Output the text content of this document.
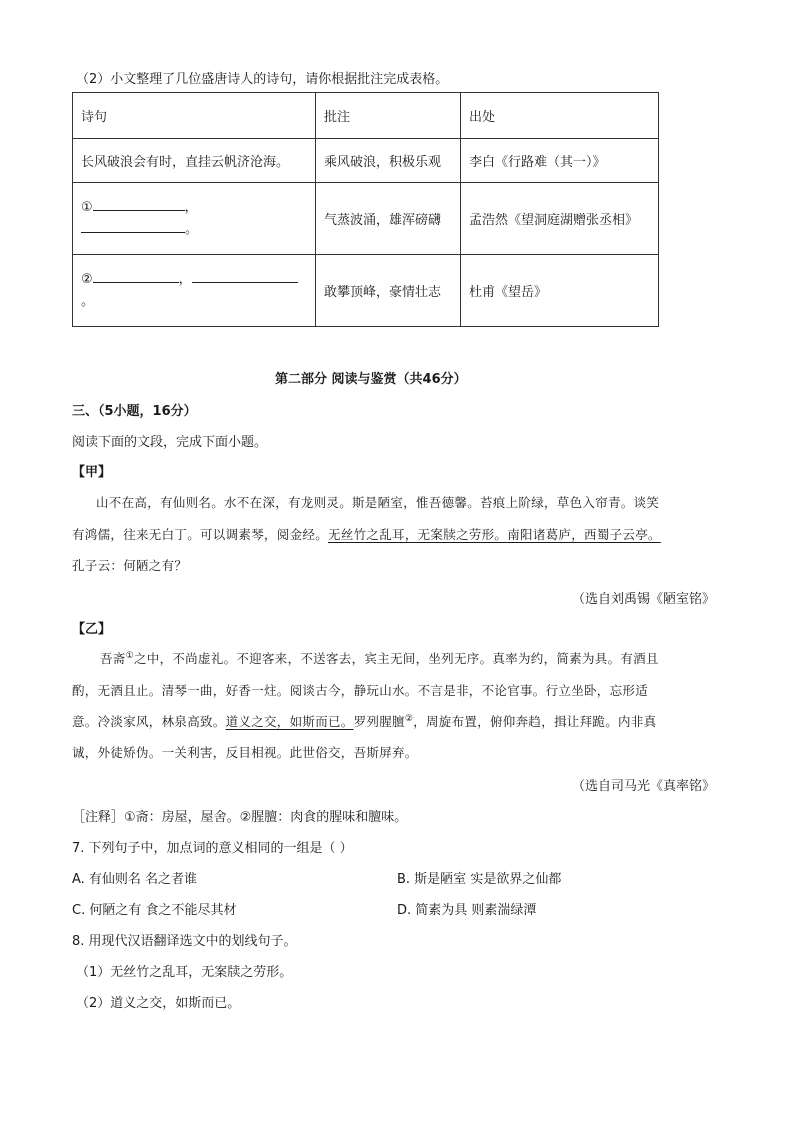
（2）小文整理了几位盛唐诗人的诗句，请你根据批注完成表格。
诗句	批注	出处
长风破浪会有时，直挂云帆济沧海。	乘风破浪，积极乐观	李白《行路难（其一）》

① ，
。	气蒸波涌，雄浑磅礴	孟浩然《望洞庭湖赠张丞相》

② ，
。	敢攀顶峰，豪情壮志	杜甫《望岳》
第二部分 阅读与鉴赏（共46分）
三、（5小题，16分）
阅读下面的文段，完成下面小题。
【甲】
山不在高，有仙则名。水不在深，有龙则灵。斯是陋室，惟吾德馨。苔痕上阶绿，草色入帘青。谈笑
有鸿儒，往来无白丁。可以调素琴，阅金经。无丝竹之乱耳，无案牍之劳形。南阳诸葛庐，西蜀子云亭。
孔子云：何陋之有？
（选自刘禹锡《陋室铭》
【乙】
吾斋①之中，不尚虚礼。不迎客来，不送客去，宾主无间，坐列无序。真率为约，简素为具。有酒且
酌，无酒且止。清琴一曲，好香一炷。阅谈古今，静玩山水。不言是非，不论官事。行立坐卧，忘形适
意。冷淡家风，林泉高致。道义之交，如斯而已。罗列腥膻②，周旋布置，俯仰奔趋，揖让拜跪。内非真
诚，外徒矫伪。一关利害，反目相视。此世俗交，吾斯屏弃。
（选自司马光《真率铭》
［注释］①斋：房屋，屋舍。②腥膻：肉食的腥味和膻味。
7. 下列句子中，加点词的意义相同的一组是（ ）
A. 有仙则名 名之者谁	B. 斯是陋室 实是欲界之仙都
C. 何陋之有 食之不能尽其材	D. 简素为具 则素湍绿潭
8. 用现代汉语翻译选文中的划线句子。
（1）无丝竹之乱耳，无案牍之劳形。
（2）道义之交，如斯而已。
